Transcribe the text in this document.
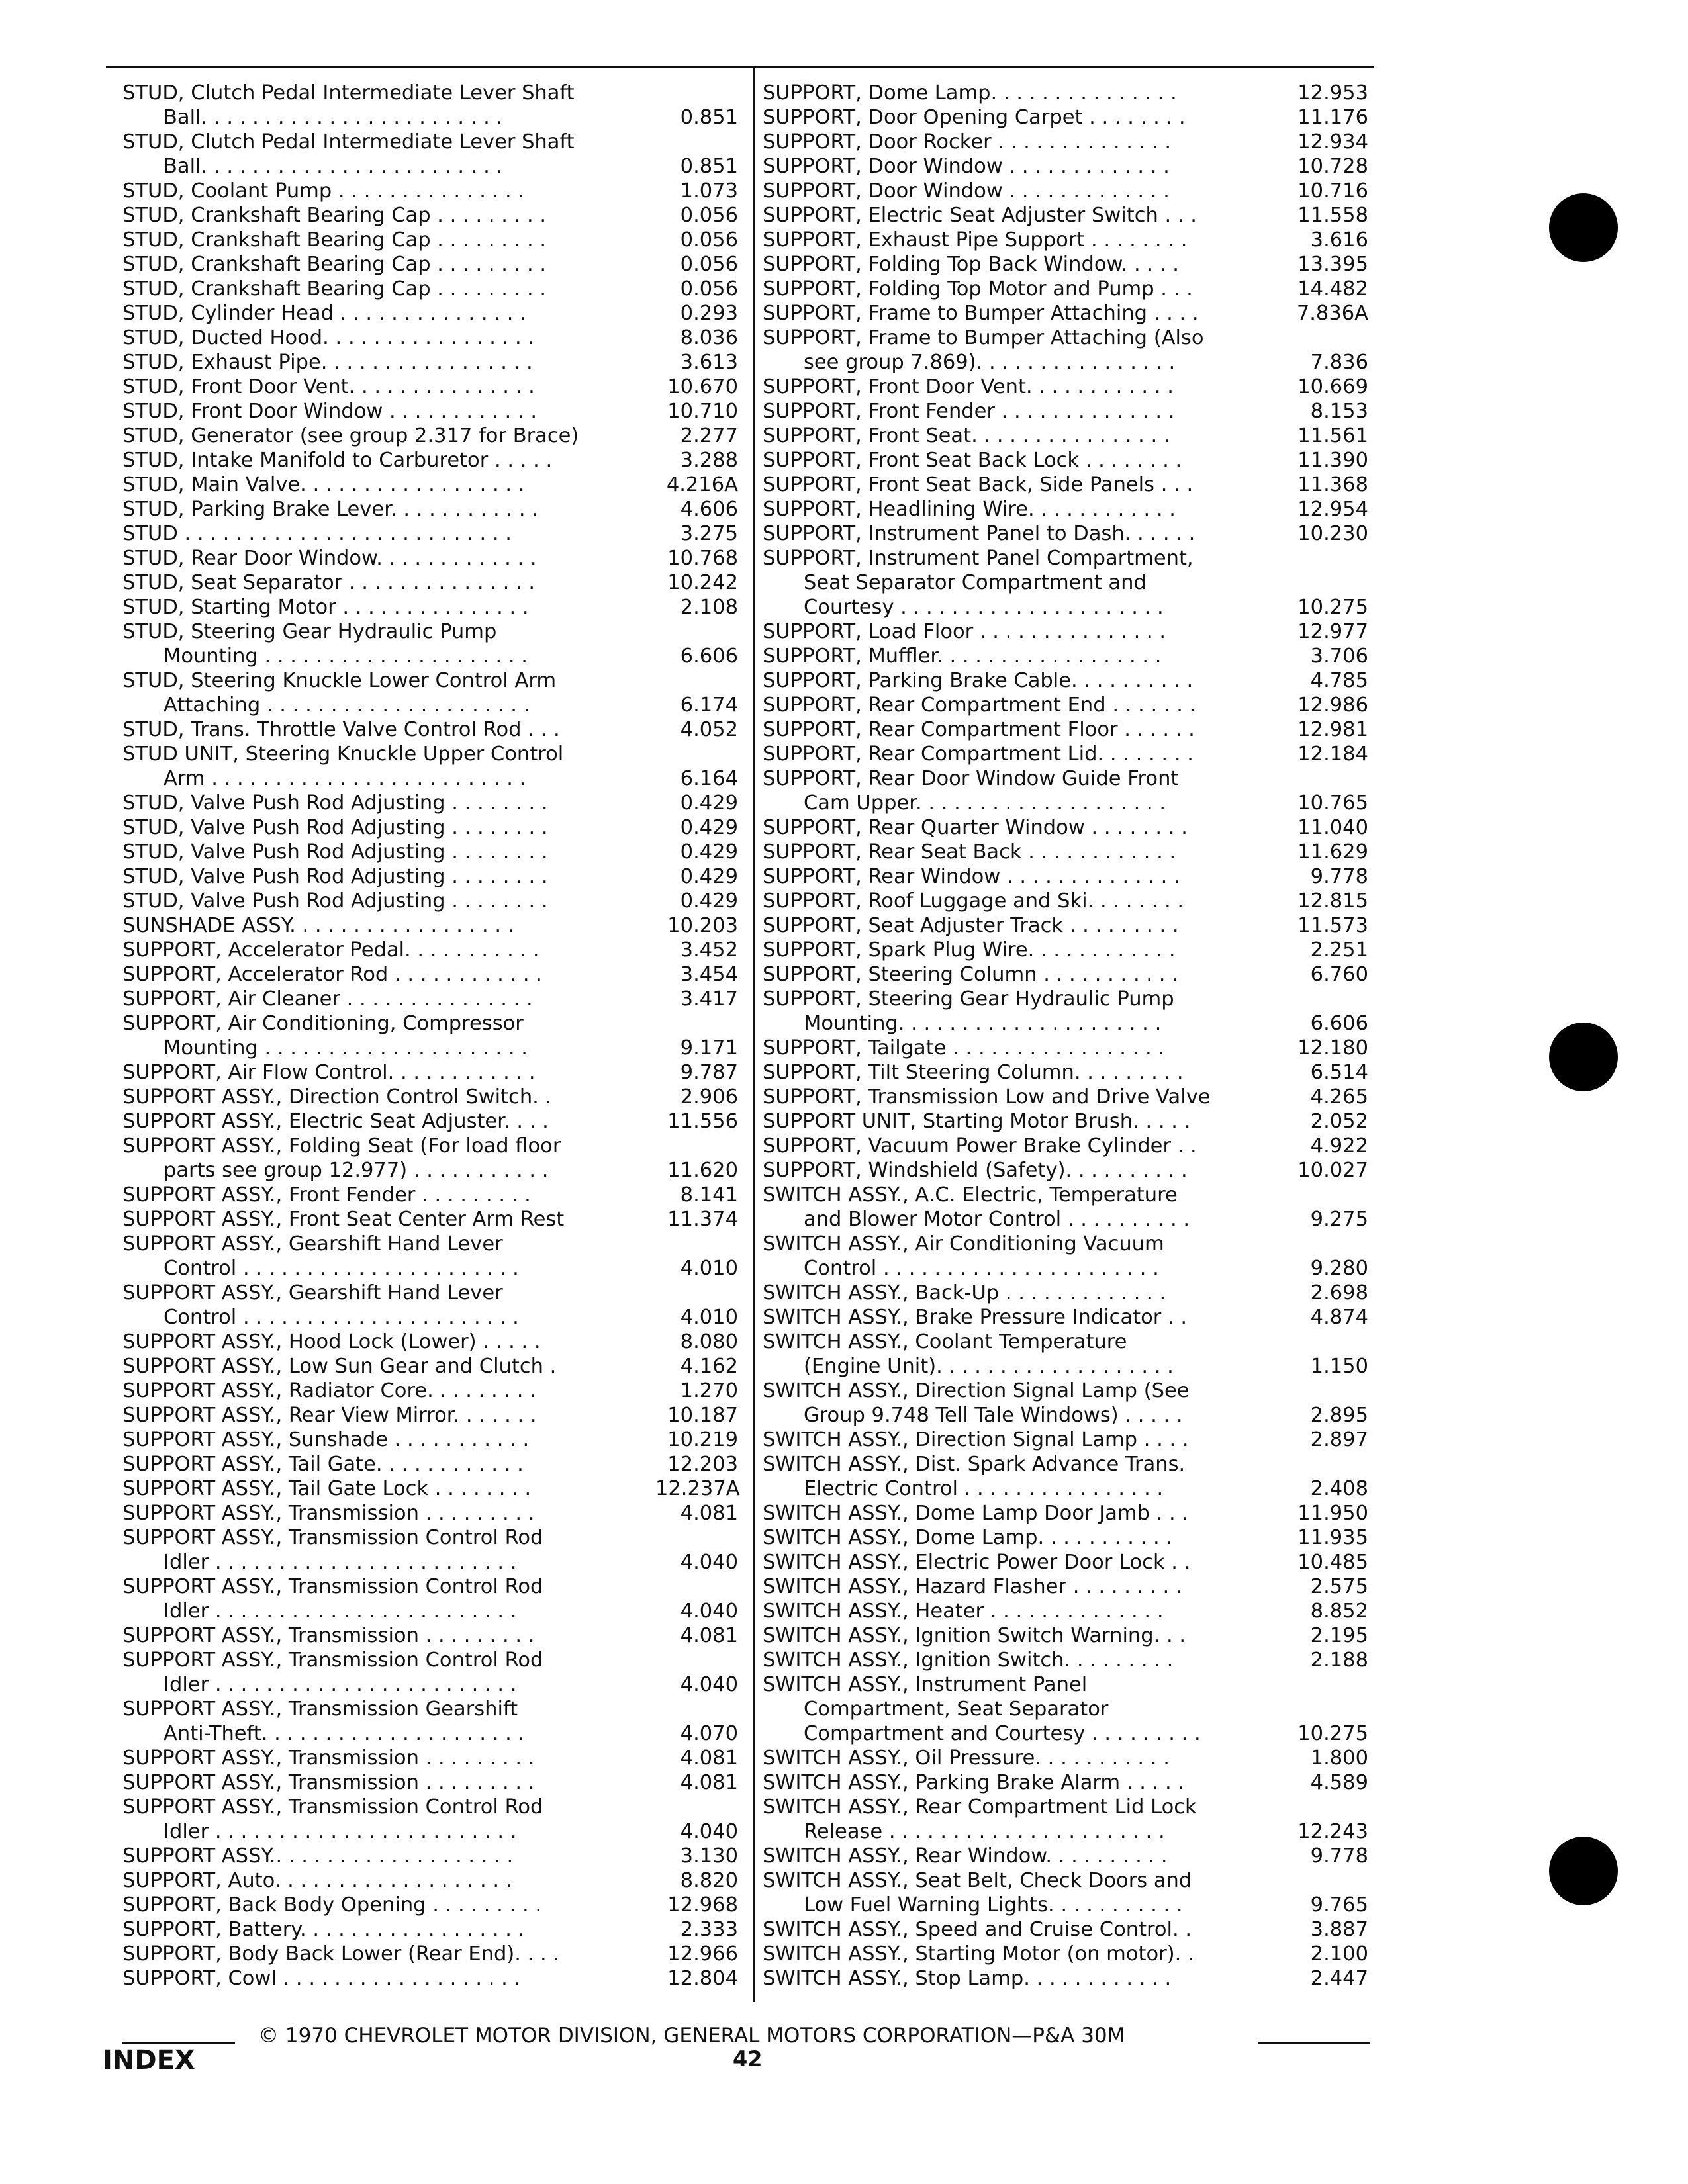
STUD, Clutch Pedal Intermediate Lever Shaft
Ball. . . . . . . . . . . . . . . . . . . . . . . .	0.851
STUD, Clutch Pedal Intermediate Lever Shaft
Ball. . . . . . . . . . . . . . . . . . . . . . . .	0.851
STUD, Coolant Pump . . . . . . . . . . . . . . .	1.073
STUD, Crankshaft Bearing Cap . . . . . . . . .	0.056
STUD, Crankshaft Bearing Cap . . . . . . . . .	0.056
STUD, Crankshaft Bearing Cap . . . . . . . . .	0.056
STUD, Crankshaft Bearing Cap . . . . . . . . .	0.056
STUD, Cylinder Head . . . . . . . . . . . . . . .	0.293
STUD, Ducted Hood. . . . . . . . . . . . . . . . .	8.036
STUD, Exhaust Pipe. . . . . . . . . . . . . . . . .	3.613
STUD, Front Door Vent. . . . . . . . . . . . . . .	10.670
STUD, Front Door Window . . . . . . . . . . . .	10.710
STUD, Generator (see group 2.317 for Brace)	2.277
STUD, Intake Manifold to Carburetor . . . . .	3.288
STUD, Main Valve. . . . . . . . . . . . . . . . . .	4.216A
STUD, Parking Brake Lever. . . . . . . . . . . .	4.606
STUD . . . . . . . . . . . . . . . . . . . . . . . . . .	3.275
STUD, Rear Door Window. . . . . . . . . . . . .	10.768
STUD, Seat Separator . . . . . . . . . . . . . . .	10.242
STUD, Starting Motor . . . . . . . . . . . . . . .	2.108
STUD, Steering Gear Hydraulic Pump
Mounting . . . . . . . . . . . . . . . . . . . . .	6.606
STUD, Steering Knuckle Lower Control Arm
Attaching . . . . . . . . . . . . . . . . . . . . .	6.174
STUD, Trans. Throttle Valve Control Rod . . .	4.052
STUD UNIT, Steering Knuckle Upper Control
Arm . . . . . . . . . . . . . . . . . . . . . . . . .	6.164
STUD, Valve Push Rod Adjusting . . . . . . . .	0.429
STUD, Valve Push Rod Adjusting . . . . . . . .	0.429
STUD, Valve Push Rod Adjusting . . . . . . . .	0.429
STUD, Valve Push Rod Adjusting . . . . . . . .	0.429
STUD, Valve Push Rod Adjusting . . . . . . . .	0.429
SUNSHADE ASSY. . . . . . . . . . . . . . . . . .	10.203
SUPPORT, Accelerator Pedal. . . . . . . . . . .	3.452
SUPPORT, Accelerator Rod . . . . . . . . . . . .	3.454
SUPPORT, Air Cleaner . . . . . . . . . . . . . . .	3.417
SUPPORT, Air Conditioning, Compressor
Mounting . . . . . . . . . . . . . . . . . . . . .	9.171
SUPPORT, Air Flow Control. . . . . . . . . . . .	9.787
SUPPORT ASSY., Direction Control Switch. .	2.906
SUPPORT ASSY., Electric Seat Adjuster. . . .	11.556
SUPPORT ASSY., Folding Seat (For load floor
parts see group 12.977) . . . . . . . . . . .	11.620
SUPPORT ASSY., Front Fender . . . . . . . . .	8.141
SUPPORT ASSY., Front Seat Center Arm Rest	11.374
SUPPORT ASSY., Gearshift Hand Lever
Control . . . . . . . . . . . . . . . . . . . . . .	4.010
SUPPORT ASSY., Gearshift Hand Lever
Control . . . . . . . . . . . . . . . . . . . . . .	4.010
SUPPORT ASSY., Hood Lock (Lower) . . . . .	8.080
SUPPORT ASSY., Low Sun Gear and Clutch .	4.162
SUPPORT ASSY., Radiator Core. . . . . . . . .	1.270
SUPPORT ASSY., Rear View Mirror. . . . . . .	10.187
SUPPORT ASSY., Sunshade . . . . . . . . . . .	10.219
SUPPORT ASSY., Tail Gate. . . . . . . . . . . .	12.203
SUPPORT ASSY., Tail Gate Lock . . . . . . . .	12.237A
SUPPORT ASSY., Transmission . . . . . . . . .	4.081
SUPPORT ASSY., Transmission Control Rod
Idler . . . . . . . . . . . . . . . . . . . . . . . .	4.040
SUPPORT ASSY., Transmission Control Rod
Idler . . . . . . . . . . . . . . . . . . . . . . . .	4.040
SUPPORT ASSY., Transmission . . . . . . . . .	4.081
SUPPORT ASSY., Transmission Control Rod
Idler . . . . . . . . . . . . . . . . . . . . . . . .	4.040
SUPPORT ASSY., Transmission Gearshift
Anti-Theft. . . . . . . . . . . . . . . . . . . . .	4.070
SUPPORT ASSY., Transmission . . . . . . . . .	4.081
SUPPORT ASSY., Transmission . . . . . . . . .	4.081
SUPPORT ASSY., Transmission Control Rod
Idler . . . . . . . . . . . . . . . . . . . . . . . .	4.040
SUPPORT ASSY.. . . . . . . . . . . . . . . . . . .	3.130
SUPPORT, Auto. . . . . . . . . . . . . . . . . . .	8.820
SUPPORT, Back Body Opening . . . . . . . . .	12.968
SUPPORT, Battery. . . . . . . . . . . . . . . . . .	2.333
SUPPORT, Body Back Lower (Rear End). . . .	12.966
SUPPORT, Cowl . . . . . . . . . . . . . . . . . . .	12.804
SUPPORT, Dome Lamp. . . . . . . . . . . . . . .	12.953
SUPPORT, Door Opening Carpet . . . . . . . .	11.176
SUPPORT, Door Rocker . . . . . . . . . . . . . .	12.934
SUPPORT, Door Window . . . . . . . . . . . . .	10.728
SUPPORT, Door Window . . . . . . . . . . . . .	10.716
SUPPORT, Electric Seat Adjuster Switch . . .	11.558
SUPPORT, Exhaust Pipe Support . . . . . . . .	3.616
SUPPORT, Folding Top Back Window. . . . .	13.395
SUPPORT, Folding Top Motor and Pump . . .	14.482
SUPPORT, Frame to Bumper Attaching . . . .	7.836A
SUPPORT, Frame to Bumper Attaching (Also
see group 7.869). . . . . . . . . . . . . . . .	7.836
SUPPORT, Front Door Vent. . . . . . . . . . . .	10.669
SUPPORT, Front Fender . . . . . . . . . . . . . .	8.153
SUPPORT, Front Seat. . . . . . . . . . . . . . . .	11.561
SUPPORT, Front Seat Back Lock . . . . . . . .	11.390
SUPPORT, Front Seat Back, Side Panels . . .	11.368
SUPPORT, Headlining Wire. . . . . . . . . . . .	12.954
SUPPORT, Instrument Panel to Dash. . . . . .	10.230
SUPPORT, Instrument Panel Compartment,
Seat Separator Compartment and
Courtesy . . . . . . . . . . . . . . . . . . . . .	10.275
SUPPORT, Load Floor . . . . . . . . . . . . . . .	12.977
SUPPORT, Muffler. . . . . . . . . . . . . . . . . .	3.706
SUPPORT, Parking Brake Cable. . . . . . . . . .	4.785
SUPPORT, Rear Compartment End . . . . . . .	12.986
SUPPORT, Rear Compartment Floor . . . . . .	12.981
SUPPORT, Rear Compartment Lid. . . . . . . .	12.184
SUPPORT, Rear Door Window Guide Front
Cam Upper. . . . . . . . . . . . . . . . . . . .	10.765
SUPPORT, Rear Quarter Window . . . . . . . .	11.040
SUPPORT, Rear Seat Back . . . . . . . . . . . .	11.629
SUPPORT, Rear Window . . . . . . . . . . . . . .	9.778
SUPPORT, Roof Luggage and Ski. . . . . . . .	12.815
SUPPORT, Seat Adjuster Track . . . . . . . . .	11.573
SUPPORT, Spark Plug Wire. . . . . . . . . . . .	2.251
SUPPORT, Steering Column . . . . . . . . . . .	6.760
SUPPORT, Steering Gear Hydraulic Pump
Mounting. . . . . . . . . . . . . . . . . . . . .	6.606
SUPPORT, Tailgate . . . . . . . . . . . . . . . . .	12.180
SUPPORT, Tilt Steering Column. . . . . . . . .	6.514
SUPPORT, Transmission Low and Drive Valve	4.265
SUPPORT UNIT, Starting Motor Brush. . . . .	2.052
SUPPORT, Vacuum Power Brake Cylinder . .	4.922
SUPPORT, Windshield (Safety). . . . . . . . . .	10.027
SWITCH ASSY., A.C. Electric, Temperature
and Blower Motor Control . . . . . . . . . .	9.275
SWITCH ASSY., Air Conditioning Vacuum
Control . . . . . . . . . . . . . . . . . . . . . .	9.280
SWITCH ASSY., Back-Up . . . . . . . . . . . . .	2.698
SWITCH ASSY., Brake Pressure Indicator . .	4.874
SWITCH ASSY., Coolant Temperature
(Engine Unit). . . . . . . . . . . . . . . . . . .	1.150
SWITCH ASSY., Direction Signal Lamp (See
Group 9.748 Tell Tale Windows) . . . . .	2.895
SWITCH ASSY., Direction Signal Lamp . . . .	2.897
SWITCH ASSY., Dist. Spark Advance Trans.
Electric Control . . . . . . . . . . . . . . . .	2.408
SWITCH ASSY., Dome Lamp Door Jamb . . .	11.950
SWITCH ASSY., Dome Lamp. . . . . . . . . . .	11.935
SWITCH ASSY., Electric Power Door Lock . .	10.485
SWITCH ASSY., Hazard Flasher . . . . . . . . .	2.575
SWITCH ASSY., Heater . . . . . . . . . . . . . .	8.852
SWITCH ASSY., Ignition Switch Warning. . .	2.195
SWITCH ASSY., Ignition Switch. . . . . . . . .	2.188
SWITCH ASSY., Instrument Panel
Compartment, Seat Separator
Compartment and Courtesy . . . . . . . . .	10.275
SWITCH ASSY., Oil Pressure. . . . . . . . . . .	1.800
SWITCH ASSY., Parking Brake Alarm . . . . .	4.589
SWITCH ASSY., Rear Compartment Lid Lock
Release . . . . . . . . . . . . . . . . . . . . . .	12.243
SWITCH ASSY., Rear Window. . . . . . . . . .	9.778
SWITCH ASSY., Seat Belt, Check Doors and
Low Fuel Warning Lights. . . . . . . . . . .	9.765
SWITCH ASSY., Speed and Cruise Control. .	3.887
SWITCH ASSY., Starting Motor (on motor). .	2.100
SWITCH ASSY., Stop Lamp. . . . . . . . . . . .	2.447
© 1970 CHEVROLET MOTOR DIVISION, GENERAL MOTORS CORPORATION—P&A 30M
INDEX	42
